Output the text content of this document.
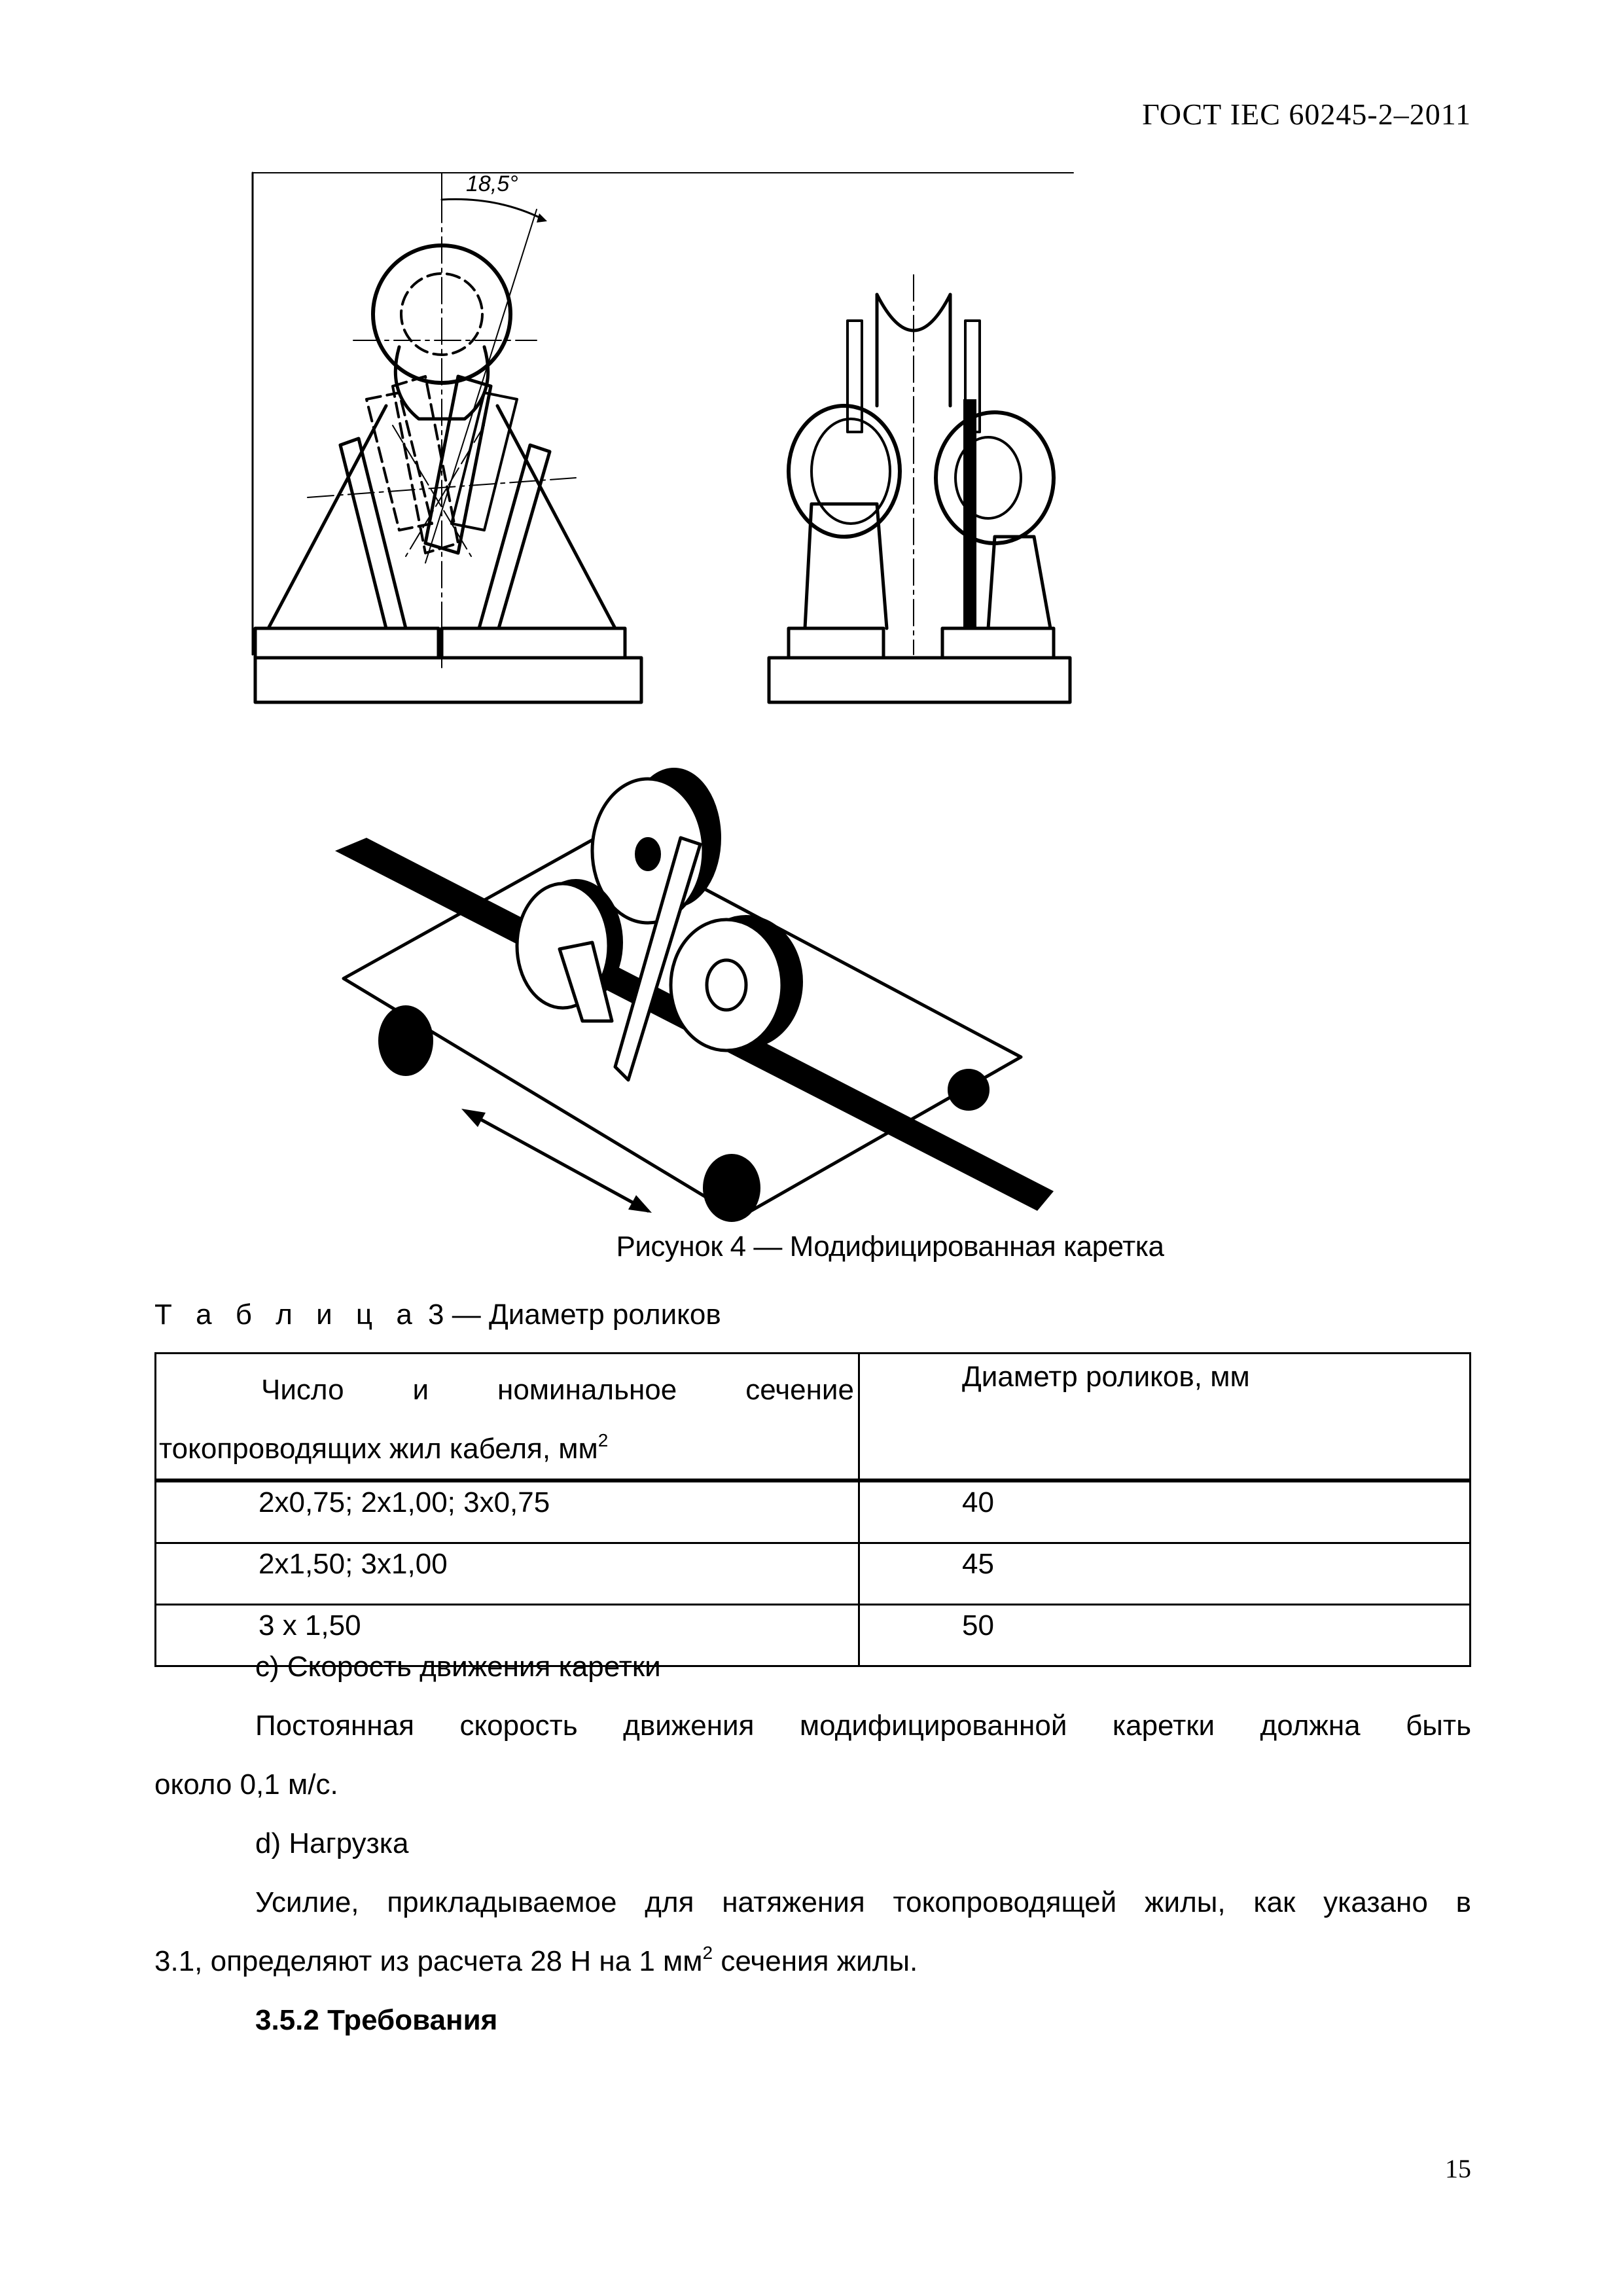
ГОСТ IEC 60245-2–2011
18,5°
Рисунок 4 — Модифицированная каретка
Т а б л и ц а 3 — Диаметр роликов
Число и номинальное сечение
токопроводящих жил кабеля, $мм^2$	Диаметр роликов, мм
2x0,75; 2x1,00; 3x0,75	40
2x1,50; 3x1,00	45
3 x 1,50	50
с) Скорость движения каретки
Постоянная скорость движения модифицированной каретки должна быть
около 0,1 м/с.
d) Нагрузка
Усилие, прикладываемое для натяжения токопроводящей жилы, как указано в
3.1, определяют из расчета 28 Н на 1 $мм^2$ сечения жилы.
3.5.2 Требования
15
